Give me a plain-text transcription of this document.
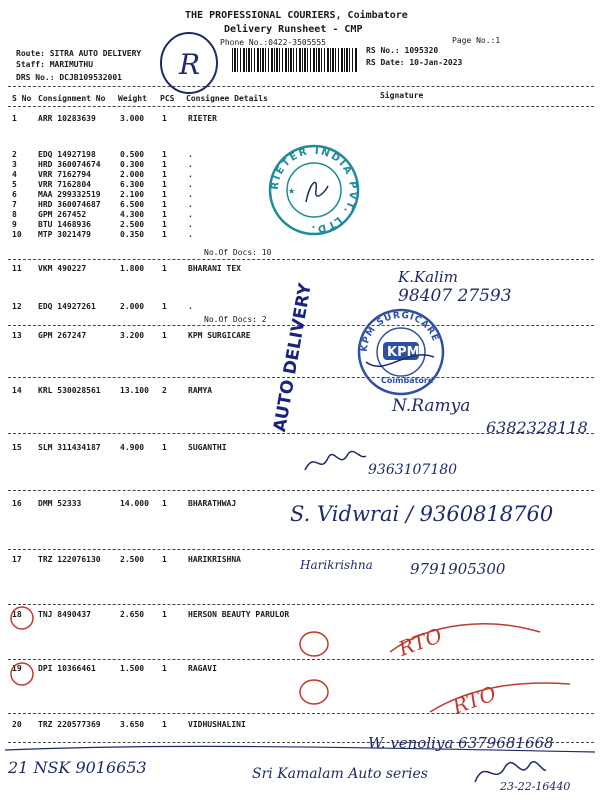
THE PROFESSIONAL COURIERS, Coimbatore
Delivery Runsheet - CMP
Phone No.:0422-3505555	Page No.:1
Route: SITRA AUTO DELIVERY
Staff: MARIMUTHU
DRS No.: DCJB109532001
RS No.: 1095320
RS Date: 10-Jan-2023
R
S No Consignment No Weight PCS Consignee Details	Signature
1	ARR 10283639	3.000 1	RIETER
2	EDQ 14927198	0.500 1	.
3	HRD 360074674 0.300 1	.
4	VRR 7162794	2.000 1	.
5	VRR 7162804	6.300 1	.
6	MAA 299332519 2.100 1	.
7	HRD 360074687 6.500 1	.
8	GPM 267452	4.300 1	.
9	BTU 1468936	2.500 1	.
10 MTP 3021479	0.350 1	.
11 VKM 490227	1.800 1	BHARANI TEX
12 EDQ 14927261	2.000 1	.
13 GPM 267247	3.200 1	KPM SURGICARE
14 KRL 530028561 13.100 2	RAMYA
15 SLM 311434187 4.900 1	SUGANTHI
16 DMM 52333	14.000 1	BHARATHWAJ
17 TRZ 122076130 2.500 1	HARIKRISHNA
18 TNJ 8490437	2.650 1	HERSON BEAUTY PARULOR
19 DPI 10366461	1.500 1	RAGAVI
20 TRZ 220577369 3.650 1	VIDHUSHALINI
No.Of Docs: 10
No.Of Docs: 2
RIETER INDIA PVT. LTD.
★
KPM SURGICARE
KPM
Coimbatore
AUTO DELIVERY
K.Kalim
98407 27593
N.Ramya
6382328118
9363107180
S. Vidwrai / 9360818760
Harikrishna 9791905300
RTO
RTO
W. venoliya 6379681668
21 NSK 9016653	Sri Kamalam Auto series
23-22-16440
